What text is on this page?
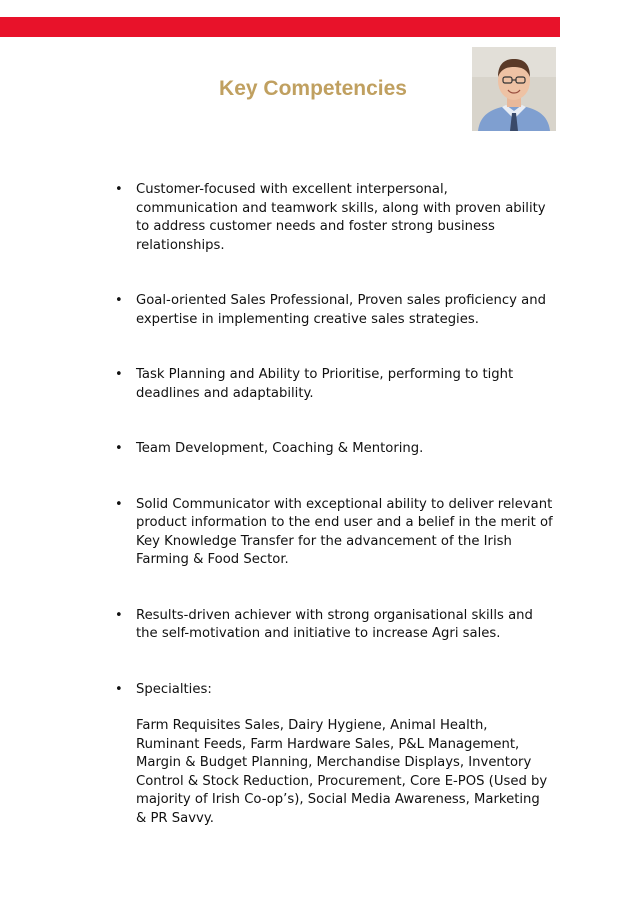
Key Competencies

• Customer-focused with excellent interpersonal, communication and teamwork skills, along with proven ability to address customer needs and foster strong business relationships.

• Goal-oriented Sales Professional, Proven sales proficiency and expertise in implementing creative sales strategies.

• Task Planning and Ability to Prioritise, performing to tight deadlines and adaptability.

• Team Development, Coaching & Mentoring.

• Solid Communicator with exceptional ability to deliver relevant product information to the end user and a belief in the merit of Key Knowledge Transfer for the advancement of the Irish Farming & Food Sector.

• Results-driven achiever with strong organisational skills and the self-motivation and initiative to increase Agri sales.

• Specialties:
Farm Requisites Sales, Dairy Hygiene, Animal Health, Ruminant Feeds, Farm Hardware Sales, P&L Management, Margin & Budget Planning, Merchandise Displays, Inventory Control & Stock Reduction, Procurement, Core E-POS (Used by majority of Irish Co-op’s), Social Media Awareness, Marketing & PR Savvy.
